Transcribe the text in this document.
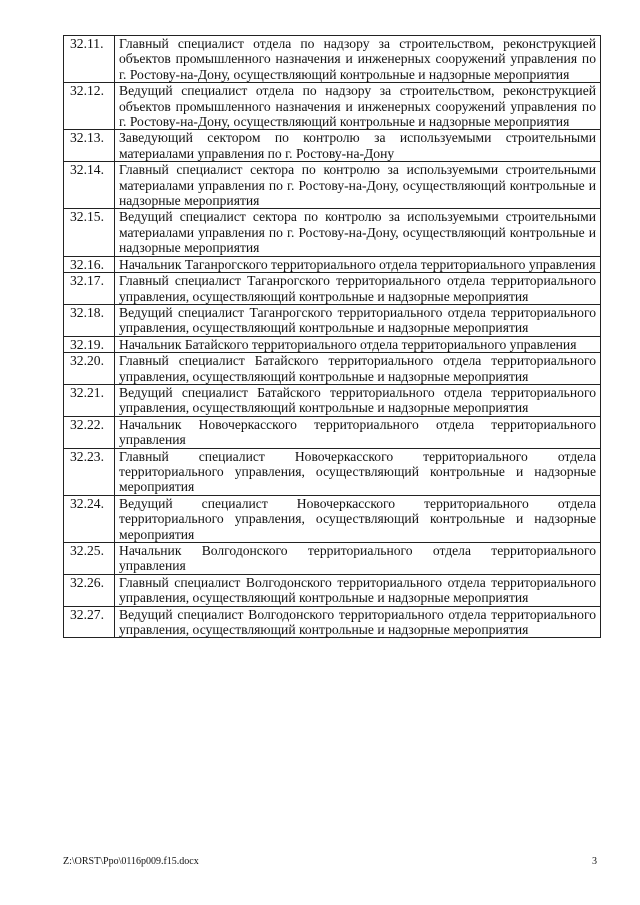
32.11.	Главный специалист отдела по надзору за строительством, реконструкцией объектов промышленного назначения и инженерных сооружений управления по г. Ростову-на-Дону, осуществляющий контрольные и надзорные мероприятия
32.12.	Ведущий специалист отдела по надзору за строительством, реконструкцией объектов промышленного назначения и инженерных сооружений управления по г. Ростову-на-Дону, осуществляющий контрольные и надзорные мероприятия
32.13.	Заведующий сектором по контролю за используемыми строительными материалами управления по г. Ростову-на-Дону
32.14.	Главный специалист сектора по контролю за используемыми строительными материалами управления по г. Ростову-на-Дону, осуществляющий контрольные и надзорные мероприятия
32.15.	Ведущий специалист сектора по контролю за используемыми строительными материалами управления по г. Ростову-на-Дону, осуществляющий контрольные и надзорные мероприятия
32.16.	Начальник Таганрогского территориального отдела территориального управления
32.17.	Главный специалист Таганрогского территориального отдела территориального управления, осуществляющий контрольные и надзорные мероприятия
32.18.	Ведущий специалист Таганрогского территориального отдела территориального управления, осуществляющий контрольные и надзорные мероприятия
32.19.	Начальник Батайского территориального отдела территориального управления
32.20.	Главный специалист Батайского территориального отдела территориального управления, осуществляющий контрольные и надзорные мероприятия
32.21.	Ведущий специалист Батайского территориального отдела территориального управления, осуществляющий контрольные и надзорные мероприятия
32.22.	Начальник Новочеркасского территориального отдела территориального управления
32.23.	Главный специалист Новочеркасского территориального отдела территориального управления, осуществляющий контрольные и надзорные мероприятия
32.24.	Ведущий специалист Новочеркасского территориального отдела территориального управления, осуществляющий контрольные и надзорные мероприятия
32.25.	Начальник Волгодонского территориального отдела территориального управления
32.26.	Главный специалист Волгодонского территориального отдела территориального управления, осуществляющий контрольные и надзорные мероприятия
32.27.	Ведущий специалист Волгодонского территориального отдела территориального управления, осуществляющий контрольные и надзорные мероприятия
Z:\ORST\Ppo\0116p009.f15.docx	3
